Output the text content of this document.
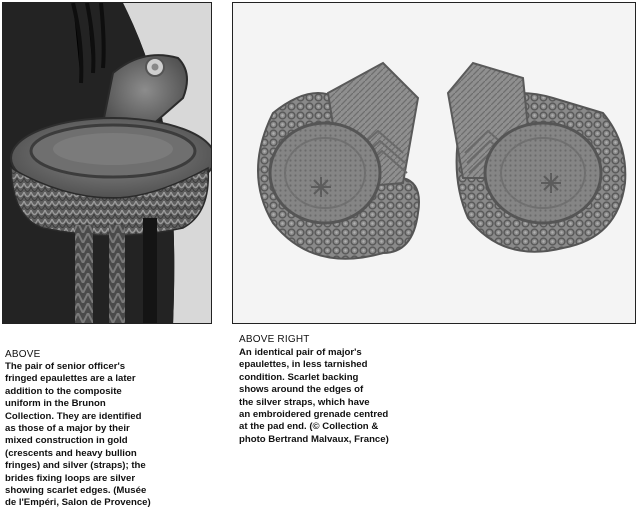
ABOVE
The pair of senior officer's
fringed epaulettes are a later
addition to the composite
uniform in the Brunon
Collection. They are identified
as those of a major by their
mixed construction in gold
(crescents and heavy bullion
fringes) and silver (straps); the
brides fixing loops are silver
showing scarlet edges. (Musée
de l'Empéri, Salon de Provence)
ABOVE RIGHT
An identical pair of major's
epaulettes, in less tarnished
condition. Scarlet backing
shows around the edges of
the silver straps, which have
an embroidered grenade centred
at the pad end. (© Collection &
photo Bertrand Malvaux, France)
